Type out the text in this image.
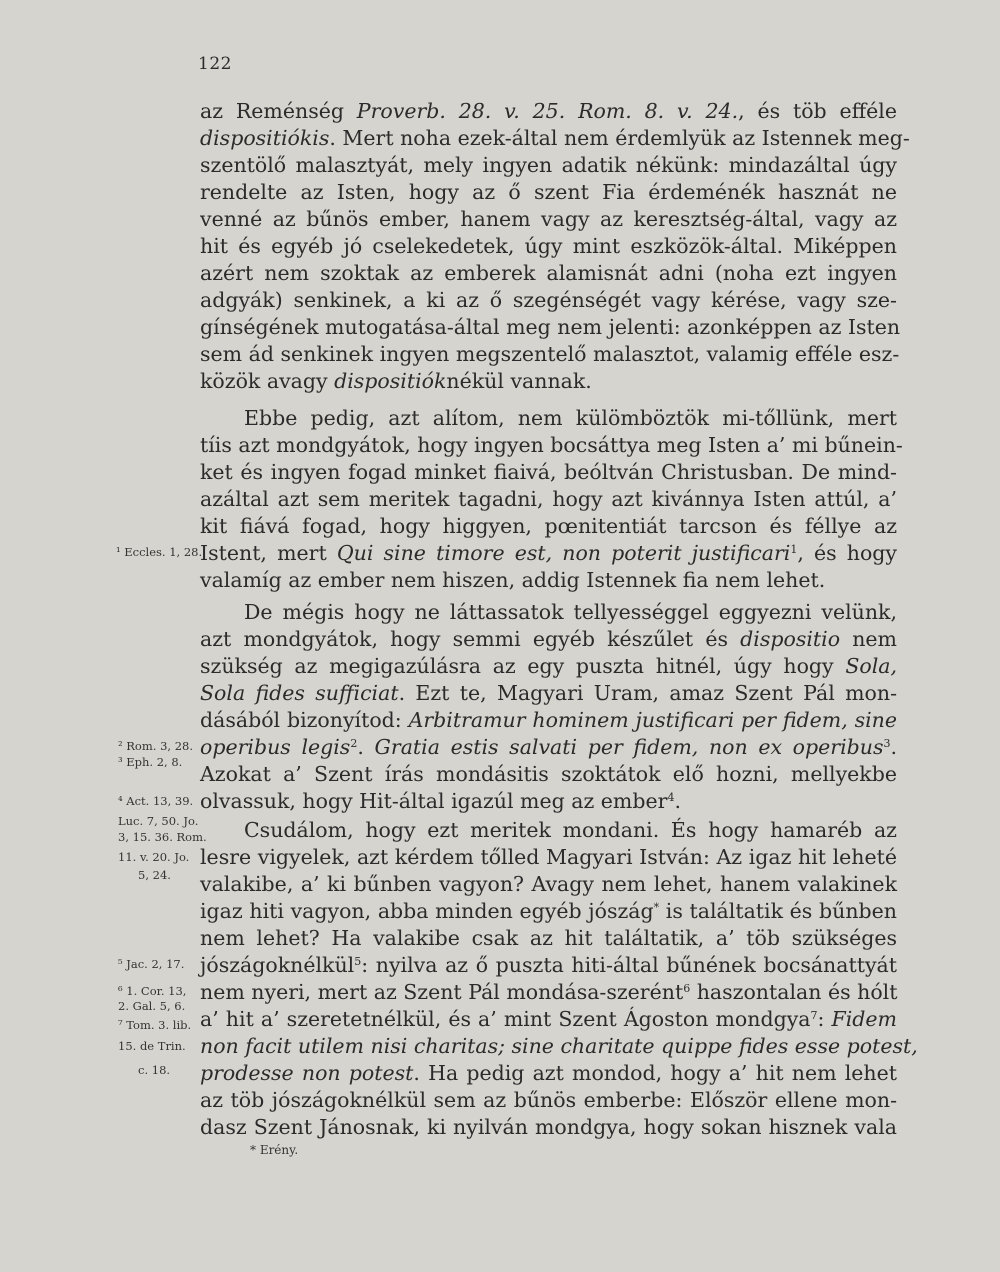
122
az Reménség Proverb. 28. v. 25. Rom. 8. v. 24., és töb efféle
dispositiókis. Mert noha ezek-által nem érdemlyük az Istennek meg-
szentölő malasztyát, mely ingyen adatik nékünk: mindazáltal úgy
rendelte az Isten, hogy az ő szent Fia érdeménék hasznát ne
venné az bűnös ember, hanem vagy az keresztség-által, vagy az
hit és egyéb jó cselekedetek, úgy mint eszközök-által. Miképpen
azért nem szoktak az emberek alamisnát adni (noha ezt ingyen
adgyák) senkinek, a ki az ő szegénségét vagy kérése, vagy sze-
gínségének mutogatása-által meg nem jelenti: azonképpen az Isten
sem ád senkinek ingyen megszentelő malasztot, valamig efféle esz-
közök avagy dispositióknékül vannak.
Ebbe pedig, azt alítom, nem külömböztök mi-tőllünk, mert
tíis azt mondgyátok, hogy ingyen bocsáttya meg Isten a’ mi bűnein-
ket és ingyen fogad minket fiaivá, beóltván Christusban. De mind-
azáltal azt sem meritek tagadni, hogy azt kivánnya Isten attúl, a’
kit fiává fogad, hogy higgyen, pœnitentiát tarcson és féllye az
Istent, mert Qui sine timore est, non poterit justificari$^1$, és hogy
valamíg az ember nem hiszen, addig Istennek fia nem lehet.
De mégis hogy ne láttassatok tellyességgel eggyezni velünk,
azt mondgyátok, hogy semmi egyéb készűlet és dispositio nem
szükség az megigazúlásra az egy puszta hitnél, úgy hogy Sola,
Sola fides sufficiat. Ezt te, Magyari Uram, amaz Szent Pál mon-
dásából bizonyítod: Arbitramur hominem justificari per fidem, sine
operibus legis$^2$. Gratia estis salvati per fidem, non ex operibus$^3$.
Azokat a’ Szent írás mondásitis szoktátok elő hozni, mellyekbe
olvassuk, hogy Hit-által igazúl meg az ember$^4$.
Csudálom, hogy ezt meritek mondani. És hogy hamaréb az
lesre vigyelek, azt kérdem tőlled Magyari István: Az igaz hit leheté
valakibe, a’ ki bűnben vagyon? Avagy nem lehet, hanem valakinek
igaz hiti vagyon, abba minden egyéb jószág* is találtatik és bűnben
nem lehet? Ha valakibe csak az hit találtatik, a’ töb szükséges
jószágoknélkül$^5$: nyilva az ő puszta hiti-által bűnének bocsánattyát
nem nyeri, mert az Szent Pál mondása-szerént$^6$ haszontalan és hólt
a’ hit a’ szeretetnélkül, és a’ mint Szent Ágoston mondgya$^7$: Fidem
non facit utilem nisi charitas; sine charitate quippe fides esse potest,
prodesse non potest. Ha pedig azt mondod, hogy a’ hit nem lehet
az töb jószágoknélkül sem az bűnös emberbe: Először ellene mon-
dasz Szent Jánosnak, ki nyilván mondgya, hogy sokan hisznek vala
¹ Eccles. 1, 28.
² Rom. 3, 28.
³ Eph. 2, 8.
⁴ Act. 13, 39.
Luc. 7, 50. Jo.
3, 15. 36. Rom.
11. v. 20. Jo.
5, 24.
⁵ Jac. 2, 17.
⁶ 1. Cor. 13,
2. Gal. 5, 6.
⁷ Tom. 3. lib.
15. de Trin.
c. 18.
* Erény.
